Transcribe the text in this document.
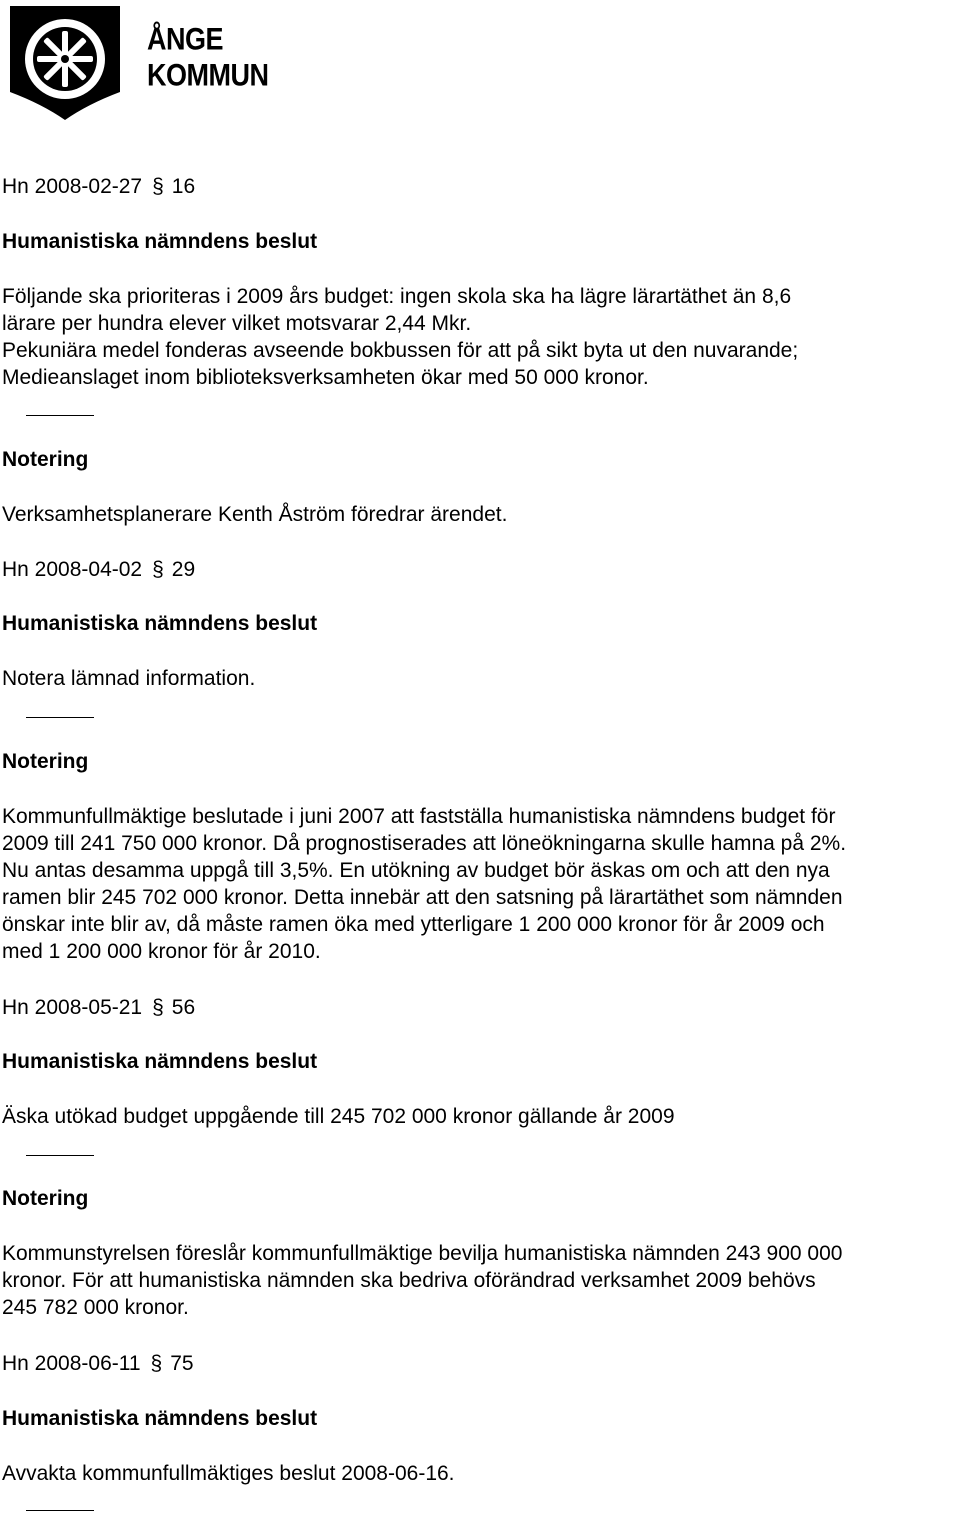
ÅNGE
KOMMUN
Hn 2008-02-27 § 16
Humanistiska nämndens beslut
Följande ska prioriteras i 2009 års budget: ingen skola ska ha lägre lärartäthet än 8,6
lärare per hundra elever vilket motsvarar 2,44 Mkr.
Pekuniära medel fonderas avseende bokbussen för att på sikt byta ut den nuvarande;
Medieanslaget inom biblioteksverksamheten ökar med 50 000 kronor.
Notering
Verksamhetsplanerare Kenth Åström föredrar ärendet.
Hn 2008-04-02 § 29
Humanistiska nämndens beslut
Notera lämnad information.
Notering
Kommunfullmäktige beslutade i juni 2007 att fastställa humanistiska nämndens budget för
2009 till 241 750 000 kronor. Då prognostiserades att löneökningarna skulle hamna på 2%.
Nu antas desamma uppgå till 3,5%. En utökning av budget bör äskas om och att den nya
ramen blir 245 702 000 kronor. Detta innebär att den satsning på lärartäthet som nämnden
önskar inte blir av, då måste ramen öka med ytterligare 1 200 000 kronor för år 2009 och
med 1 200 000 kronor för år 2010.
Hn 2008-05-21 § 56
Humanistiska nämndens beslut
Äska utökad budget uppgående till 245 702 000 kronor gällande år 2009
Notering
Kommunstyrelsen föreslår kommunfullmäktige bevilja humanistiska nämnden 243 900 000
kronor. För att humanistiska nämnden ska bedriva oförändrad verksamhet 2009 behövs
245 782 000 kronor.
Hn 2008-06-11 § 75
Humanistiska nämndens beslut
Avvakta kommunfullmäktiges beslut 2008-06-16.
